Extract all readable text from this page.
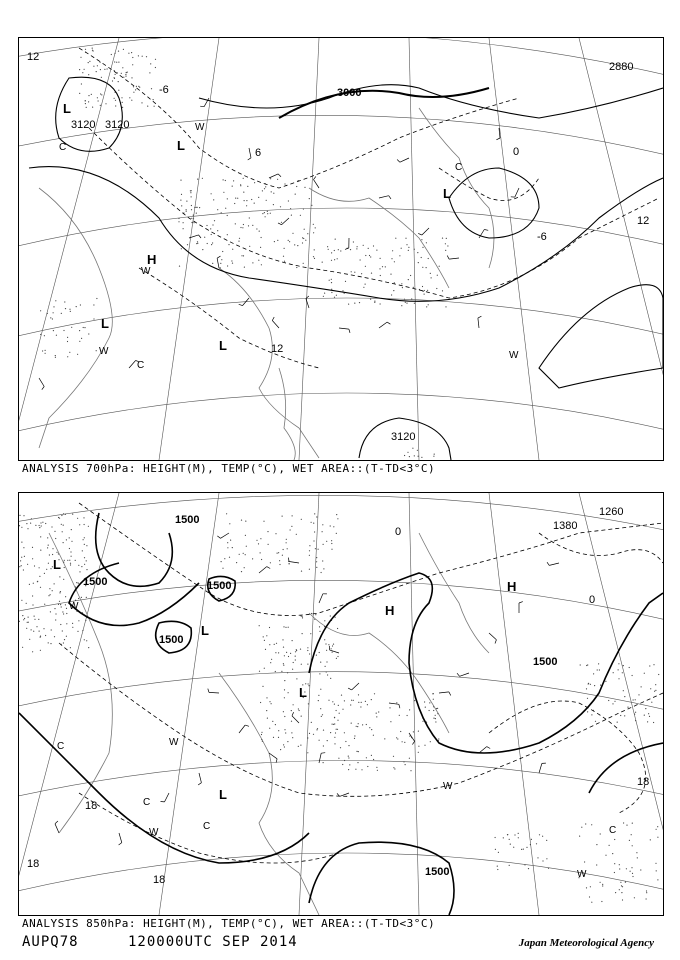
3000
3120 3120
3120
2880
12
12
12
-6
-6
0
6
L
L
L
L
L
H
W
W
W	W
C
C
C
ANALYSIS 700hPa: HEIGHT(M), TEMP(°C), WET AREA::(T-TD<3°C)
1500
1500	1500
1500
1500
1500
1380
1260
18
18
18
18
0
0
L
L
L
L
H
H
W
W
W
W
W
C
C
C	C
ANALYSIS 850hPa: HEIGHT(M), TEMP(°C), WET AREA::(T-TD<3°C)
AUPQ78	120000UTC SEP 2014	Japan Meteorological Agency
